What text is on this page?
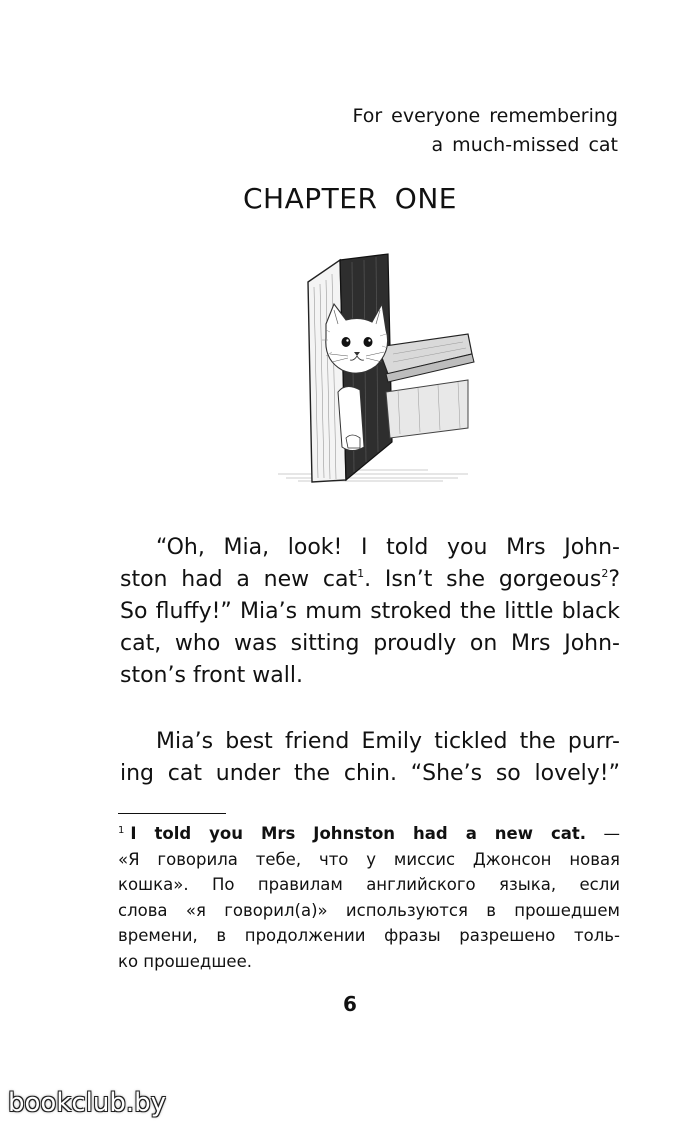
For everyone remembering
a much-missed cat
CHAPTER ONE
“Oh, Mia, look! I told you Mrs John-
ston had a new cat$^1$. Isn’t she gorgeous$^2$?
So fluffy!” Mia’s mum stroked the little black
cat, who was sitting proudly on Mrs John-
ston’s front wall.
Mia’s best friend Emily tickled the purr-
ing cat under the chin. “She’s so lovely!”
$^1$ I told you Mrs Johnston had a new cat. —
«Я говорила тебе, что у миссис Джонсон новая
кошка». По правилам английского языка, если
слова «я говорил(а)» используются в прошедшем
времени, в продолжении фразы разрешено толь-
ко прошедшее.
6
bookclub.by
